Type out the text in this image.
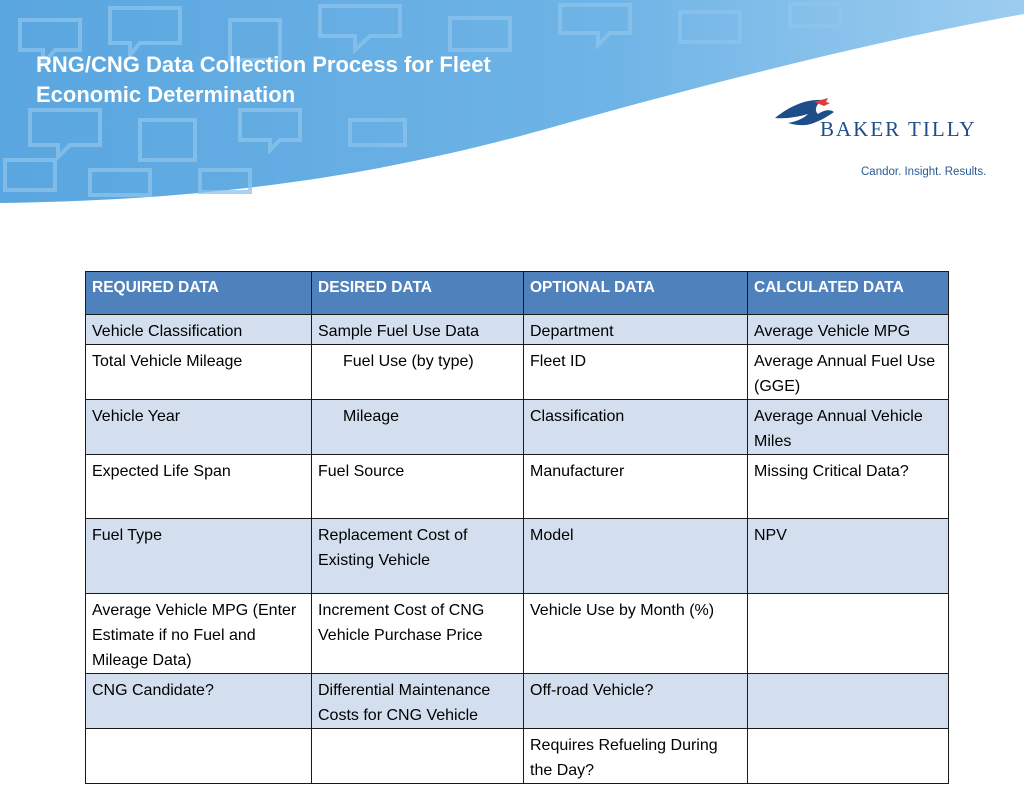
RNG/CNG Data Collection Process for Fleet
Economic Determination
BAKER TILLY
Candor. Insight. Results.
REQUIRED DATA	DESIRED DATA	OPTIONAL DATA	CALCULATED DATA
Vehicle Classification	Sample Fuel Use Data	Department	Average Vehicle MPG
Total Vehicle Mileage	Fuel Use (by type)	Fleet ID	Average Annual Fuel Use (GGE)
Vehicle Year	Mileage	Classification	Average Annual Vehicle Miles
Expected Life Span	Fuel Source	Manufacturer	Missing Critical Data?
Fuel Type	Replacement Cost of Existing Vehicle	Model	NPV
Average Vehicle MPG (Enter Estimate if no Fuel and Mileage Data)	Increment Cost of CNG Vehicle Purchase Price	Vehicle Use by Month (%)	
CNG Candidate?	Differential Maintenance Costs for CNG Vehicle	Off-road Vehicle?	
		Requires Refueling During the Day?	
